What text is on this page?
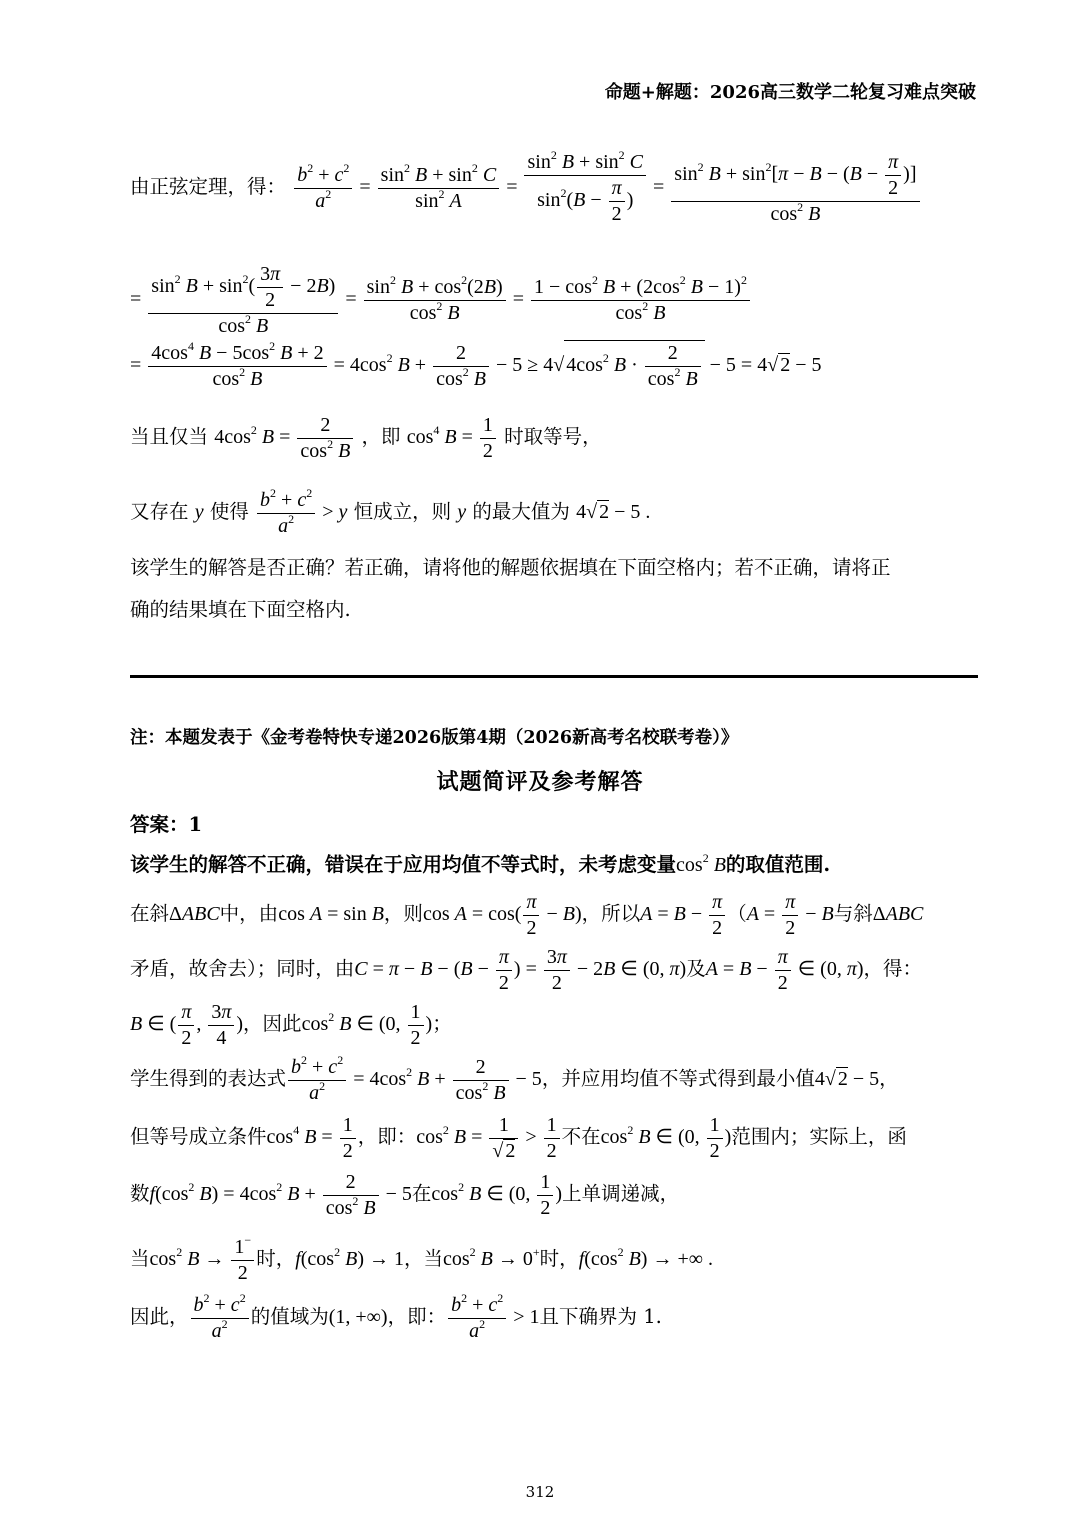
命题+解题：2026高三数学二轮复习难点突破
由正弦定理，得： $\frac{b^2 + c^2}{a^2} = \frac{\sin^2 B + \sin^2 C}{\sin^2 A} = \frac{\sin^2 B + \sin^2 C}{\sin^2(B - \frac{\pi}{2} )} = \frac{\sin^2 B + \sin^2[\pi - B - (B - \frac{\pi}{2} )]}{\cos^2 B}$
= $\frac{\sin^2 B + \sin^2( \frac{3\pi}{2} - 2B)}{\cos^2 B} = \frac{\sin^2 B + \cos^2(2B)}{\cos^2 B} = \frac{1 - \cos^2 B + (2\cos^2 B - 1)^2}{\cos^2 B}$
= $\frac{4\cos^4 B - 5\cos^2 B + 2}{\cos^2 B} = 4\cos^2$ $B + \frac{2}{\cos^2 B} - 5 \ge 4√$ $4\cos^2$ $B \cdot \frac{2}{\cos^2 B} - 5 = 4√$ 2 − 5
当且仅当 $4\cos^2$ $B = \frac{2}{\cos^2 B}$ ，即 $\cos^4 B = \frac{1}{2}$ 时取等号，
又存在 y 使得 $\frac{b^2 + c^2}{a^2} > y$ 恒成立，则 y 的最大值为 4√ 2 − 5 .
该学生的解答是否正确？若正确，请将他的解题依据填在下面空格内；若不正确，请将正
确的结果填在下面空格内.
注：本题发表于《金考卷特快专递2026版第4期（2026新高考名校联考卷）》
试题简评及参考解答
答案：1
该学生的解答不正确，错误在于应用均值不等式时，未考虑变量$\cos^2 B$的取值范围.
在斜ΔABC中，由cos A = sin B，则$\cos A = \cos( \frac{\pi}{2} - B)$，所以$A = B - \frac{\pi}{2} (A = \frac{\pi}{2} - B$与斜ΔABC
矛盾，故舍去）；同时，由$C = \pi - B - (B - \frac{\pi}{2}$ ) = $\frac{3\pi}{2} - 2B$ ∈ (0, π)及$A = B - \frac{\pi}{2}$ ∈ (0, π)，得：
B ∈ ( $\frac{\pi}{2}$ , $\frac{3\pi}{4}$ )，因此$\cos^2 B$ ∈ (0, $\frac{1}{2}$ )；
学生得到的表达式 $\frac{b^2 + c^2}{a^2} = 4\cos^2$ $B + \frac{2}{\cos^2 B} - 5$，并应用均值不等式得到最小值4√ 2 − 5，
但等号成立条件$\cos^4 B = \frac{1}{2}$ ，即：$\cos^2 B = \frac{1}{√ 2} > \frac{1}{2}$ 不在$\cos^2 B$ ∈ (0, $\frac{1}{2}$ )范围内；实际上，函
数$f(\cos^2$ $B) = 4\cos^2$ $B + \frac{2}{\cos^2 B} - 5$在$\cos^2 B$ ∈ (0, $\frac{1}{2}$ )上单调递减，
当$\cos^2 B \to \frac{1^-}{2}$ 时，$f(\cos^2$ B) → 1，当$\cos^2 B \to 0^+$时，$f(\cos^2$ B) → +∞ .
因此， $\frac{b^2 + c^2}{a^2}$ 的值域为(1, +∞)，即： $\frac{b^2 + c^2}{a^2} > 1$且下确界为 1.
312
